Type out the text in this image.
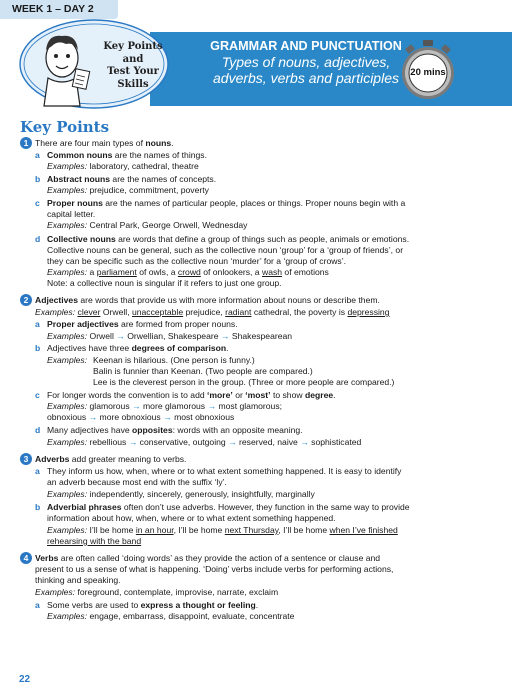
WEEK 1 – DAY 2
GRAMMAR AND PUNCTUATION
Types of nouns, adjectives,
adverbs, verbs and participles	20 mins
Key Points
and
Test Your
Skills
Key Points
1 There are four main types of nouns.
a Common nouns are the names of things.
Examples: laboratory, cathedral, theatre
b Abstract nouns are the names of concepts.
Examples: prejudice, commitment, poverty
c Proper nouns are the names of particular people, places or things. Proper nouns begin with a
capital letter.
Examples: Central Park, George Orwell, Wednesday
d Collective nouns are words that define a group of things such as people, animals or emotions.
Collective nouns can be general, such as the collective noun ‘group’ for a ‘group of friends’, or
they can be specific such as the collective noun ‘murder’ for a ‘group of crows’.
Examples: a parliament of owls, a crowd of onlookers, a wash of emotions
Note: a collective noun is singular if it refers to just one group.
2 Adjectives are words that provide us with more information about nouns or describe them.
Examples: clever Orwell, unacceptable prejudice, radiant cathedral, the poverty is depressing
a Proper adjectives are formed from proper nouns.
Examples: Orwell → Orwellian, Shakespeare → Shakespearean
b Adjectives have three degrees of comparison.
Examples: Keenan is hilarious. (One person is funny.)
Balin is funnier than Keenan. (Two people are compared.)
Lee is the cleverest person in the group. (Three or more people are compared.)
c For longer words the convention is to add ‘more’ or ‘most’ to show degree.
Examples: glamorous → more glamorous → most glamorous;
obnoxious → more obnoxious → most obnoxious
d Many adjectives have opposites: words with an opposite meaning.
Examples: rebellious → conservative, outgoing → reserved, naive → sophisticated
3 Adverbs add greater meaning to verbs.
a They inform us how, when, where or to what extent something happened. It is easy to identify
an adverb because most end with the suffix ‘ly’.
Examples: independently, sincerely, generously, insightfully, marginally
b Adverbial phrases often don’t use adverbs. However, they function in the same way to provide
information about how, when, where or to what extent something happened.
Examples: I’ll be home in an hour, I’ll be home next Thursday, I’ll be home when I’ve finished
rehearsing with the band
4 Verbs are often called ‘doing words’ as they provide the action of a sentence or clause and
present to us a sense of what is happening. ‘Doing’ verbs include verbs for performing actions,
thinking and speaking.
Examples: foreground, contemplate, improvise, narrate, exclaim
a Some verbs are used to express a thought or feeling.
Examples: engage, embarrass, disappoint, evaluate, concentrate
22
